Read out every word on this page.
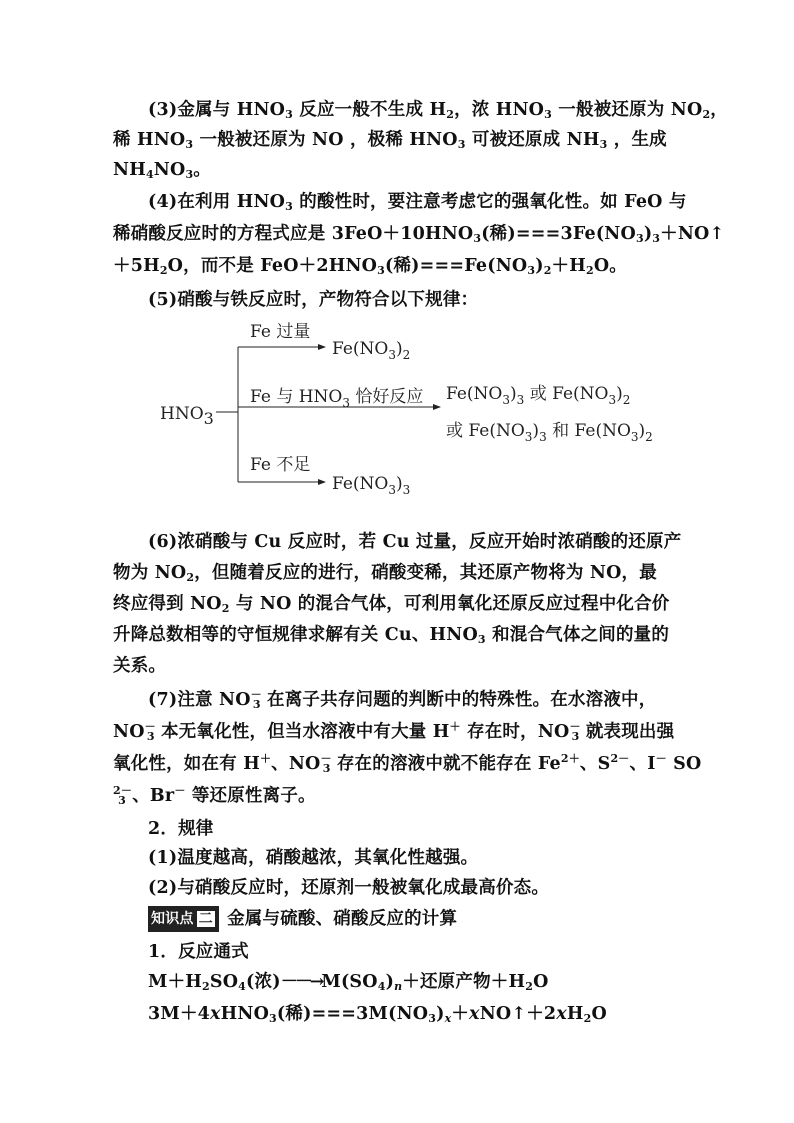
(3)金属与 $HNO_3$ 反应一般不生成 $H_2$，浓 $HNO_3$ 一般被还原为 $NO_2$，
稀 $HNO_3$ 一般被还原为 NO ，极稀 $HNO_3$ 可被还原成 $NH_3$ ，生成
$NH_4NO_3$。
(4)在利用 $HNO_3$ 的酸性时，要注意考虑它的强氧化性。如 FeO 与
稀硝酸反应时的方程式应是 $3FeO+10HNO_3$(稀)$===3Fe(NO_3)_3+NO↑$
$+5H_2O$，而不是 $FeO+2HNO_3$(稀)$===Fe(NO_3)_2+H_2O$。
(5)硝酸与铁反应时，产物符合以下规律：
HNO3
Fe 过量
$Fe(NO_3)_2$
Fe 与 $HNO_3$ 恰好反应 $Fe(NO_3)_3$ 或 $Fe(NO_3)_2$
或 $Fe(NO_3)_3$ 和 $Fe(NO_3)_2$
Fe 不足
$Fe(NO_3)_3$
(6)浓硝酸与 Cu 反应时，若 Cu 过量，反应开始时浓硝酸的还原产
物为 $NO_2$，但随着反应的进行，硝酸变稀，其还原产物将为 NO，最
终应得到 $NO_2$ 与 NO 的混合气体，可利用氧化还原反应过程中化合价
升降总数相等的守恒规律求解有关 Cu、$HNO_3$ 和混合气体之间的量的
关系。
(7)注意 $NO^-_3$ 在离子共存问题的判断中的特殊性。在水溶液中，
$NO^-_3$ 本无氧化性，但当水溶液中有大量 H＋ 存在时，$NO^-_3$ 就表现出强
氧化性，如在有 H＋、$NO^-_3$ 存在的溶液中就不能存在 $Fe^{2+}$、$S^{2-}$、I－ SO
$^{2-}_3$ 、Br－ 等还原性离子。
2．规律
(1)温度越高，硝酸越浓，其氧化性越强。
(2)与硝酸反应时，还原剂一般被氧化成最高价态。
知识点 二 金属与硫酸、硝酸反应的计算
1．反应通式
$M+H_2SO_4$(浓)$--\to M(SO_4)_n+$还原产物$+H_2O$
3M＋4xHNO$_3$(稀)$===3M(NO_3)_x+xNO↑+2xH_2O$
